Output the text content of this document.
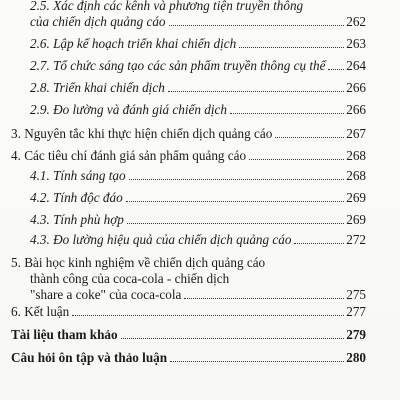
2.5. Xác định các kênh và phương tiện truyền thông
của chiến dịch quảng cáo	262
2.6. Lập kế hoạch triển khai chiến dịch	263
2.7. Tổ chức sáng tạo các sản phẩm truyền thông cụ thể 264
2.8. Triển khai chiến dịch	266
2.9. Đo lường và đánh giá chiến dịch	266
3. Nguyên tắc khi thực hiện chiến dịch quảng cáo	267
4. Các tiêu chí đánh giá sản phẩm quảng cáo	268
4.1. Tính sáng tạo	268
4.2. Tính độc đáo	269
4.3. Tính phù hợp	269
4.3. Đo lường hiệu quả của chiến dịch quảng cáo	272
5. Bài học kinh nghiệm về chiến dịch quảng cáo
thành công của coca-cola - chiến dịch
"share a coke" của coca-cola	275
6. Kết luận	277
Tài liệu tham khảo	279
Câu hỏi ôn tập và thảo luận	280
